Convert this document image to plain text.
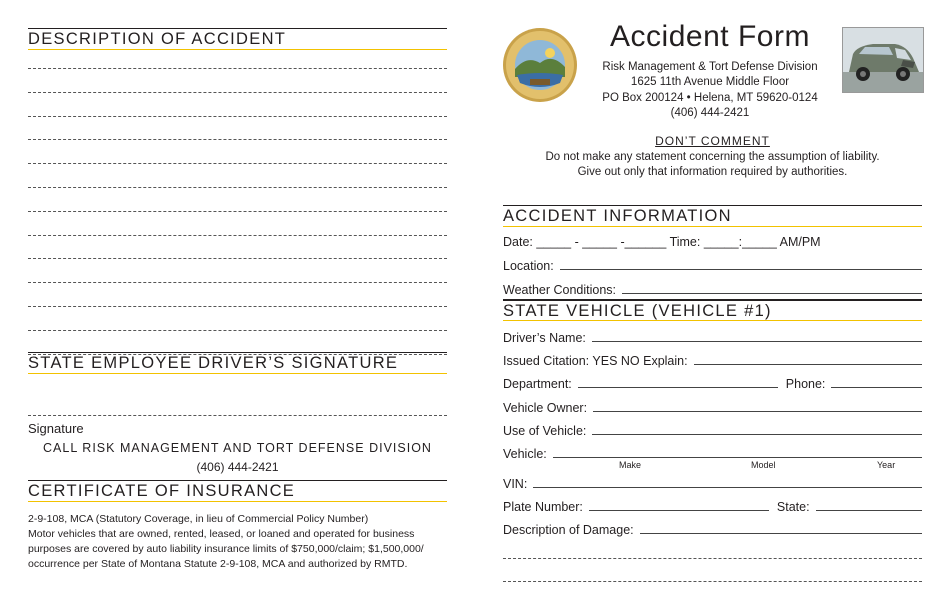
DESCRIPTION OF ACCIDENT
STATE EMPLOYEE DRIVER’S SIGNATURE
Signature
CALL RISK MANAGEMENT AND TORT DEFENSE DIVISION
(406) 444-2421
CERTIFICATE OF INSURANCE
2-9-108, MCA (Statutory Coverage, in lieu of Commercial Policy Number)
Motor vehicles that are owned, rented, leased, or loaned and operated for business
purposes are covered by auto liability insurance limits of $750,000/claim; $1,500,000/
occurrence per State of Montana Statute 2-9-108, MCA and authorized by RMTD.
Accident Form
Risk Management & Tort Defense Division
1625 11th Avenue Middle Floor
PO Box 200124 • Helena, MT 59620-0124
(406) 444-2421
DON’T COMMENT
Do not make any statement concerning the assumption of liability.
Give out only that information required by authorities.
ACCIDENT INFORMATION
Date: _____ - _____ -______ Time: _____:_____ AM/PM
Location:
Weather Conditions:
STATE VEHICLE (VEHICLE #1)
Driver’s Name:
Issued Citation: YES NO Explain:
Department:	Phone:
Vehicle Owner:
Use of Vehicle:
Vehicle:
Make	Model	Year
VIN:
Plate Number:	State:
Description of Damage:
